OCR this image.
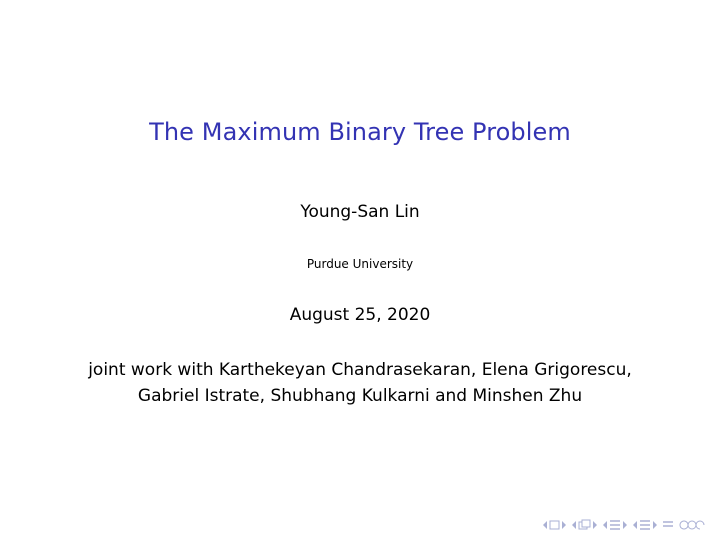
The Maximum Binary Tree Problem
Young-San Lin
Purdue University
August 25, 2020
joint work with Karthekeyan Chandrasekaran, Elena Grigorescu,
Gabriel Istrate, Shubhang Kulkarni and Minshen Zhu
